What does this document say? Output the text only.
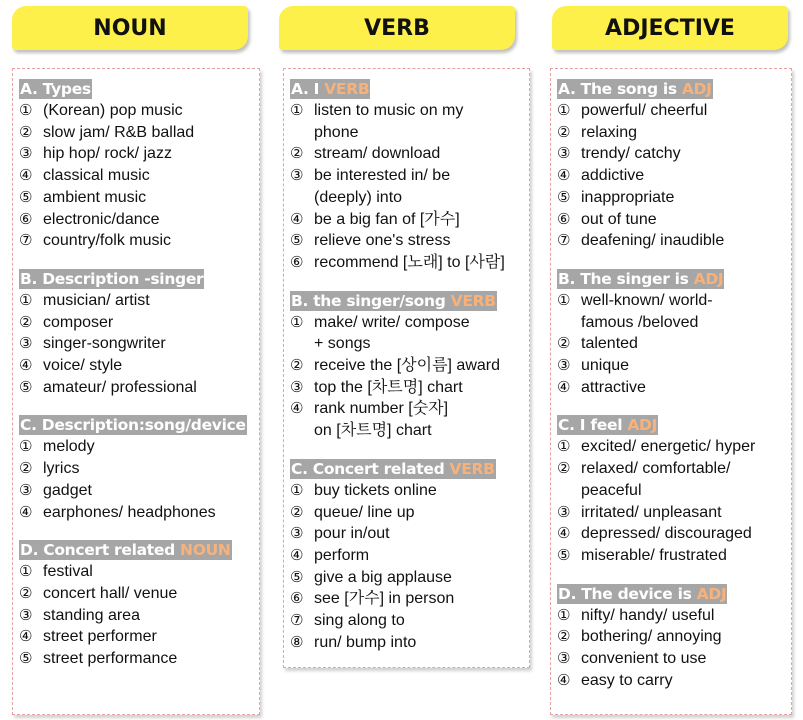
NOUN	VERB	ADJECTIVE
A. Types
① (Korean) pop music
② slow jam/ R&B ballad
③ hip hop/ rock/ jazz
④ classical music
⑤ ambient music
⑥ electronic/dance
⑦ country/folk music
B. Description -singer
① musician/ artist
② composer
③ singer-songwriter
④ voice/ style
⑤ amateur/ professional
C. Description:song/device
① melody
② lyrics
③ gadget
④ earphones/ headphones
D. Concert related NOUN
① festival
② concert hall/ venue
③ standing area
④ street performer
⑤ street performance
A. I VERB
① listen to music on my
phone
② stream/ download
③ be interested in/ be
(deeply) into
④ be a big fan of [가수]
⑤ relieve one's stress
⑥ recommend [노래] to [사람]
B. the singer/song VERB
① make/ write/ compose
+ songs
② receive the [상이름] award
③ top the [차트명] chart
④ rank number [숫자]
on [차트명] chart
C. Concert related VERB
① buy tickets online
② queue/ line up
③ pour in/out
④ perform
⑤ give a big applause
⑥ see [가수] in person
⑦ sing along to
⑧ run/ bump into
A. The song is ADJ
① powerful/ cheerful
② relaxing
③ trendy/ catchy
④ addictive
⑤ inappropriate
⑥ out of tune
⑦ deafening/ inaudible
B. The singer is ADJ
① well-known/ world-
famous /beloved
② talented
③ unique
④ attractive
C. I feel ADJ
① excited/ energetic/ hyper
② relaxed/ comfortable/
peaceful
③ irritated/ unpleasant
④ depressed/ discouraged
⑤ miserable/ frustrated
D. The device is ADJ
① nifty/ handy/ useful
② bothering/ annoying
③ convenient to use
④ easy to carry
